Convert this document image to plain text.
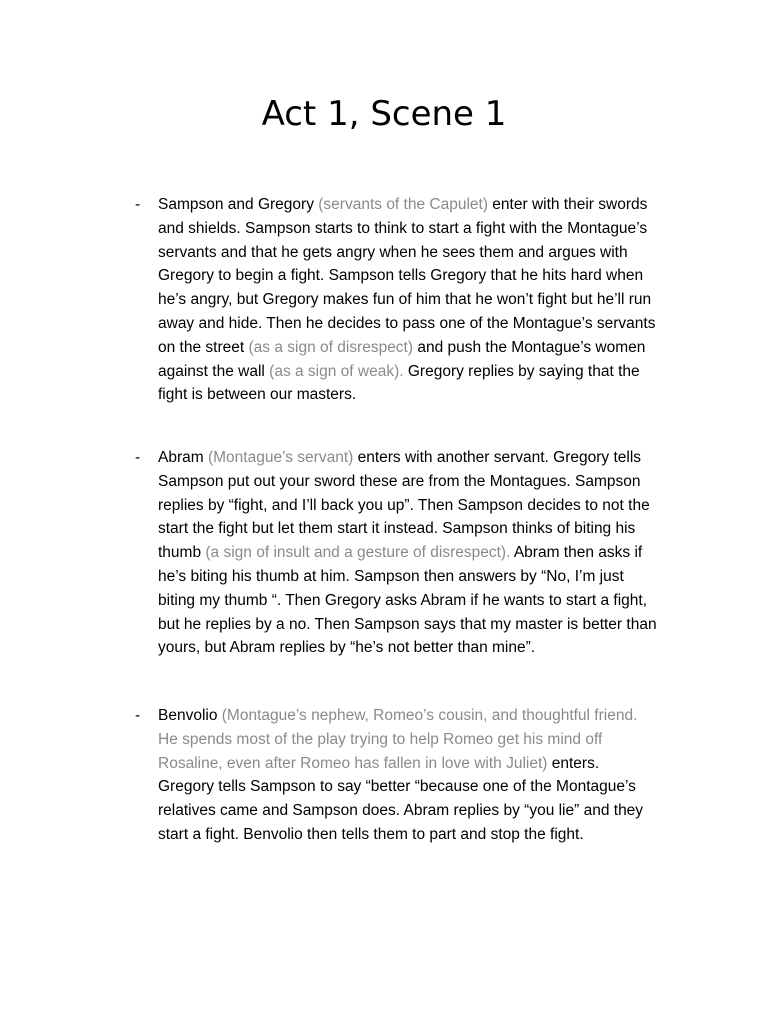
Act 1, Scene 1
- Sampson and Gregory (servants of the Capulet) enter with their swords and shields. Sampson starts to think to start a fight with the Montague’s servants and that he gets angry when he sees them and argues with Gregory to begin a fight. Sampson tells Gregory that he hits hard when he’s angry, but Gregory makes fun of him that he won’t fight but he’ll run away and hide. Then he decides to pass one of the Montague’s servants on the street (as a sign of disrespect) and push the Montague’s women against the wall (as a sign of weak). Gregory replies by saying that the fight is between our masters.
- Abram (Montague’s servant) enters with another servant. Gregory tells Sampson put out your sword these are from the Montagues. Sampson replies by “fight, and I’ll back you up”. Then Sampson decides to not the start the fight but let them start it instead. Sampson thinks of biting his thumb (a sign of insult and a gesture of disrespect). Abram then asks if he’s biting his thumb at him. Sampson then answers by “No, I’m just biting my thumb “. Then Gregory asks Abram if he wants to start a fight, but he replies by a no. Then Sampson says that my master is better than yours, but Abram replies by “he’s not better than mine”.
- Benvolio (Montague’s nephew, Romeo’s cousin, and thoughtful friend. He spends most of the play trying to help Romeo get his mind off Rosaline, even after Romeo has fallen in love with Juliet) enters. Gregory tells Sampson to say “better “because one of the Montague’s relatives came and Sampson does. Abram replies by “you lie” and they start a fight. Benvolio then tells them to part and stop the fight.
